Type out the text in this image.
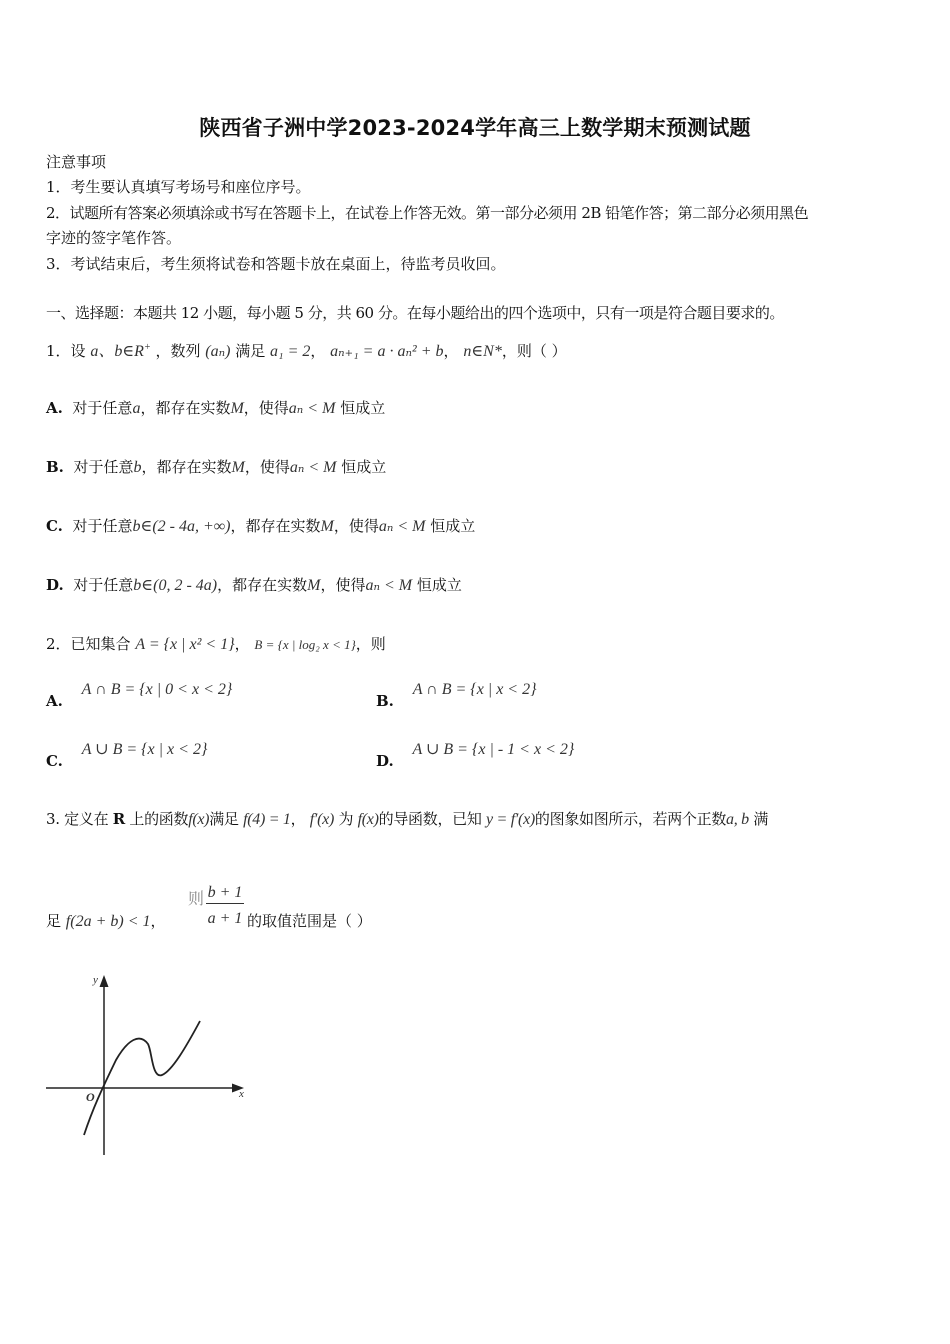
陕西省子洲中学2023-2024学年高三上数学期末预测试题
注意事项
1．考生要认真填写考场号和座位序号。
2．试题所有答案必须填涂或书写在答题卡上，在试卷上作答无效。第一部分必须用 2B 铅笔作答；第二部分必须用黑色
字迹的签字笔作答。
3．考试结束后，考生须将试卷和答题卡放在桌面上，待监考员收回。
一、选择题：本题共 12 小题，每小题 5 分，共 60 分。在每小题给出的四个选项中，只有一项是符合题目要求的。
1．设 a、b∈R+ ，数列 (aₙ) 满足 a₁ = 2， aₙ₊₁ = a · aₙ² + b， n∈N*，则（ ）
A. 对于任意a，都存在实数M，使得aₙ < M 恒成立
B. 对于任意b，都存在实数M，使得aₙ < M 恒成立
C. 对于任意b∈(2 - 4a, +∞)，都存在实数M，使得aₙ < M 恒成立
D. 对于任意b∈(0, 2 - 4a)，都存在实数M，使得aₙ < M 恒成立
2．已知集合 A = {x | x² < 1}， B = {x | log₂ x < 1}，则
A. A ∩ B = {x | 0 < x < 2}
B. A ∩ B = {x | x < 2}
C. A ∪ B = {x | x < 2}
D. A ∪ B = {x | - 1 < x < 2}
3. 定义在 R 上的函数f(x)满足 f(4) = 1， f′(x) 为 f(x)的导函数，已知 y = f′(x)的图象如图所示，若两个正数a, b 满
足 f(2a + b) < 1，
则 b + 1
a + 1 的取值范围是（ ）
y
x
O
